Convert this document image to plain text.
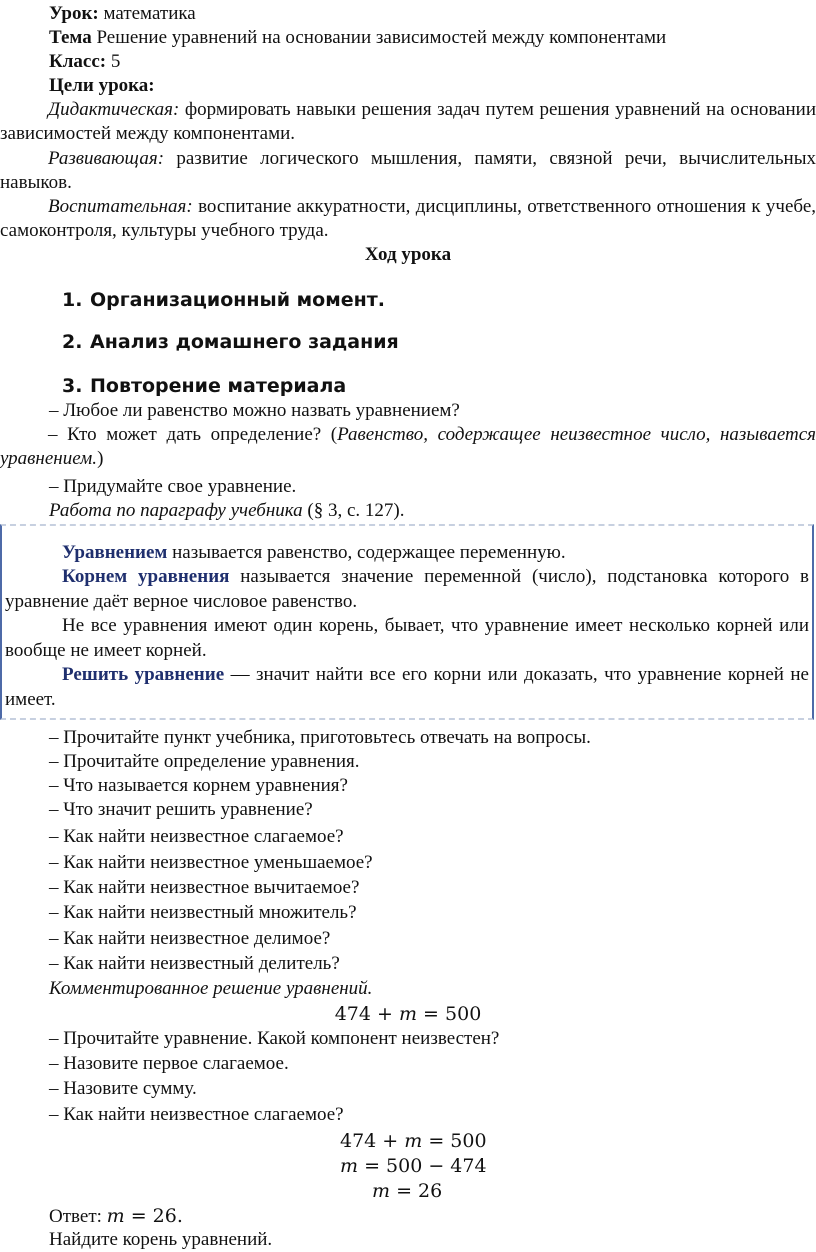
Урок: математика
Тема Решение уравнений на основании зависимостей между компонентами
Класс: 5
Цели урока:
Дидактическая: формировать навыки решения задач путем решения уравнений на основании зависимостей между компонентами.
Развивающая: развитие логического мышления, памяти, связной речи, вычислительных навыков.
Воспитательная: воспитание аккуратности, дисциплины, ответственного отношения к учебе, самоконтроля, культуры учебного труда.
Ход урока
1. Организационный момент.
2. Анализ домашнего задания
3. Повторение материала
– Любое ли равенство можно назвать уравнением?
– Кто может дать определение? (Равенство, содержащее неизвестное число, называется уравнением.)
– Придумайте свое уравнение.
Работа по параграфу учебника (§ 3, с. 127).
Уравнением называется равенство, содержащее переменную.
Корнем уравнения называется значение переменной (число), подстановка которого в уравнение даёт верное числовое равенство.
Не все уравнения имеют один корень, бывает, что уравнение имеет несколько корней или вообще не имеет корней.
Решить уравнение — значит найти все его корни или доказать, что уравнение корней не имеет.
– Прочитайте пункт учебника, приготовьтесь отвечать на вопросы.
– Прочитайте определение уравнения.
– Что называется корнем уравнения?
– Что значит решить уравнение?
– Как найти неизвестное слагаемое?
– Как найти неизвестное уменьшаемое?
– Как найти неизвестное вычитаемое?
– Как найти неизвестный множитель?
– Как найти неизвестное делимое?
– Как найти неизвестный делитель?
Комментированное решение уравнений.
474 + m = 500
– Прочитайте уравнение. Какой компонент неизвестен?
– Назовите первое слагаемое.
– Назовите сумму.
– Как найти неизвестное слагаемое?
474 + m = 500
m = 500 − 474
m = 26
Ответ: m = 26.
Найдите корень уравнений.
